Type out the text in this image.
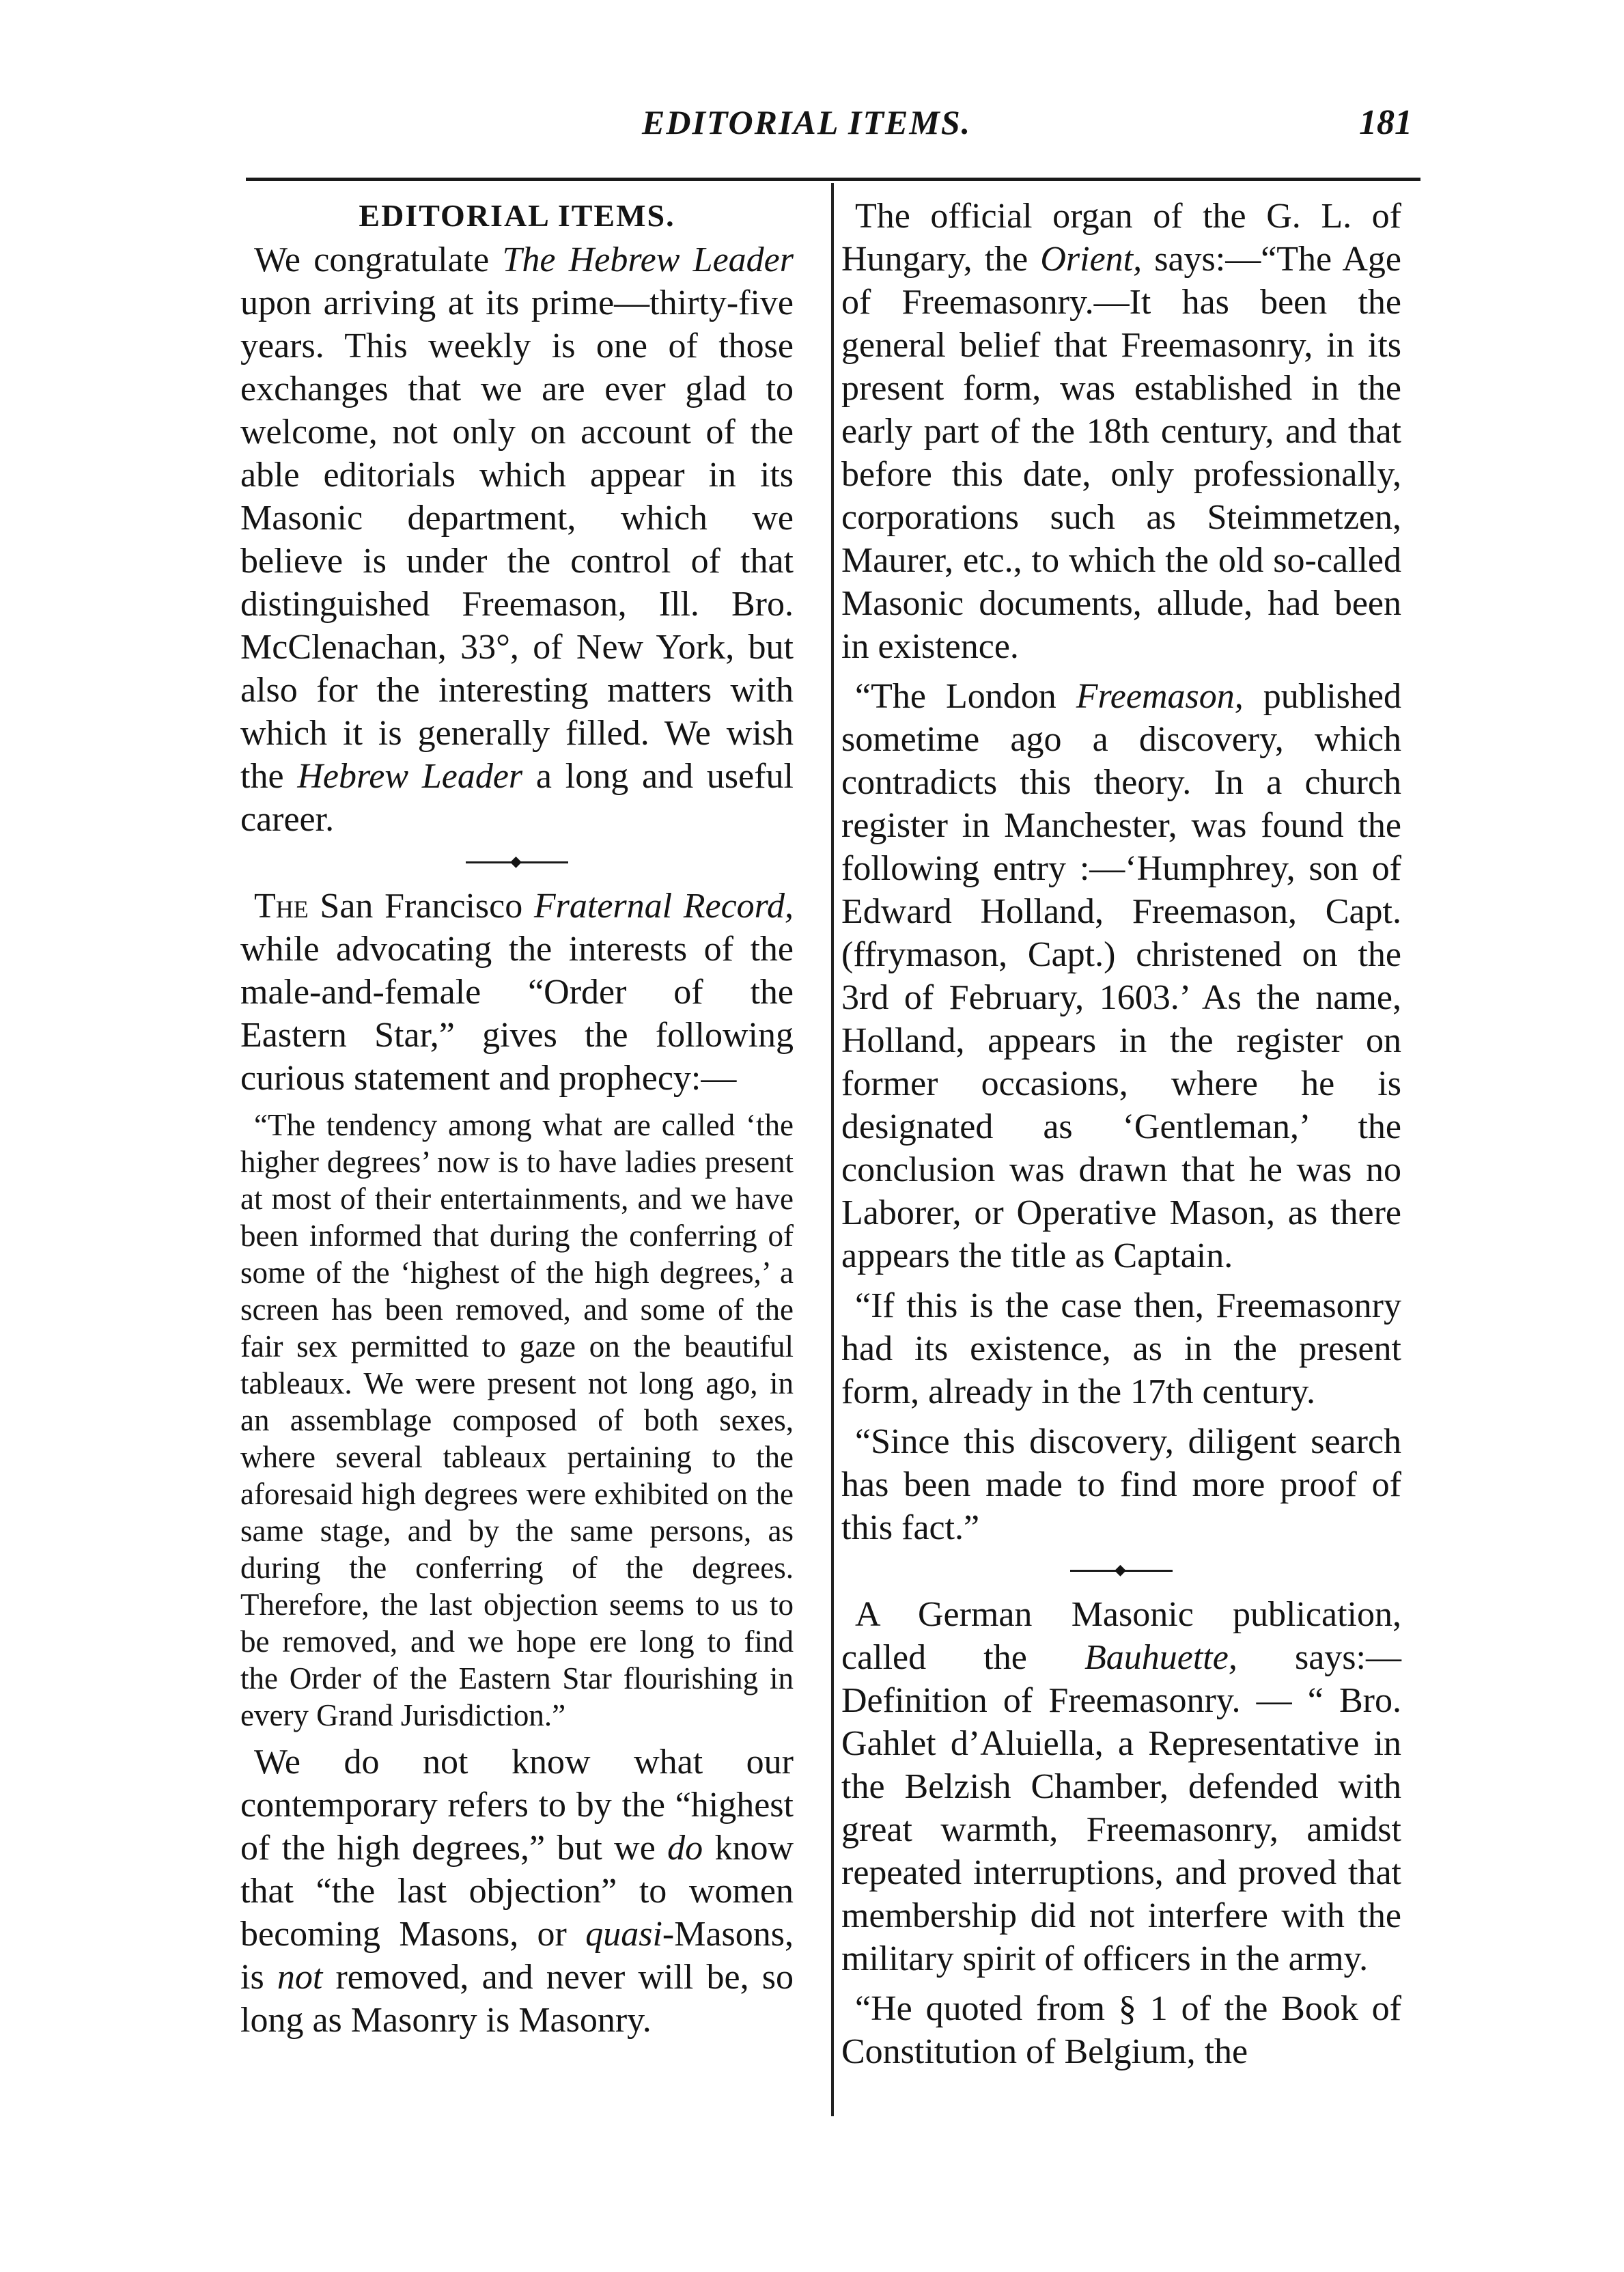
EDITORIAL ITEMS.	181
EDITORIAL ITEMS.

We congratulate The Hebrew Leader upon arriving at its prime—thirty-five years. This weekly is one of those exchanges that we are ever glad to welcome, not only on account of the able editorials which appear in its Masonic department, which we believe is under the control of that distinguished Freemason, Ill. Bro. McClenachan, 33°, of New York, but also for the interesting matters with which it is generally filled. We wish the Hebrew Leader a long and useful career.

◆

The San Francisco Fraternal Record, while advocating the interests of the male-and-female “Order of the Eastern Star,” gives the following curious statement and prophecy:—

“The tendency among what are called ‘the higher degrees’ now is to have ladies present at most of their entertainments, and we have been informed that during the conferring of some of the ‘highest of the high degrees,’ a screen has been removed, and some of the fair sex permitted to gaze on the beautiful tableaux. We were present not long ago, in an assemblage composed of both sexes, where several tableaux pertaining to the aforesaid high degrees were exhibited on the same stage, and by the same persons, as during the conferring of the degrees. Therefore, the last objection seems to us to be removed, and we hope ere long to find the Order of the Eastern Star flourishing in every Grand Jurisdiction.”

We do not know what our contemporary refers to by the “highest of the high degrees,” but we do know that “the last objection” to women becoming Masons, or quasi-Masons, is not removed, and never will be, so long as Masonry is Masonry.

The official organ of the G. L. of Hungary, the Orient, says:—“The Age of Freemasonry.—It has been the general belief that Freemasonry, in its present form, was established in the early part of the 18th century, and that before this date, only professionally, corporations such as Steimmetzen, Maurer, etc., to which the old so-called Masonic documents, allude, had been in existence.

“The London Freemason, published sometime ago a discovery, which contradicts this theory. In a church register in Manchester, was found the following entry :—‘Humphrey, son of Edward Holland, Freemason, Capt. (ffrymason, Capt.) christened on the 3rd of February, 1603.’ As the name, Holland, appears in the register on former occasions, where he is designated as ‘Gentleman,’ the conclusion was drawn that he was no Laborer, or Operative Mason, as there appears the title as Captain.

“If this is the case then, Freemasonry had its existence, as in the present form, already in the 17th century.

“Since this discovery, diligent search has been made to find more proof of this fact.”

◆

A German Masonic publication, called the Bauhuette, says:—Definition of Freemasonry. — “ Bro. Gahlet d’Aluiella, a Representative in the Belzish Chamber, defended with great warmth, Freemasonry, amidst repeated interruptions, and proved that membership did not interfere with the military spirit of officers in the army.

“He quoted from § 1 of the Book of Constitution of Belgium, the
